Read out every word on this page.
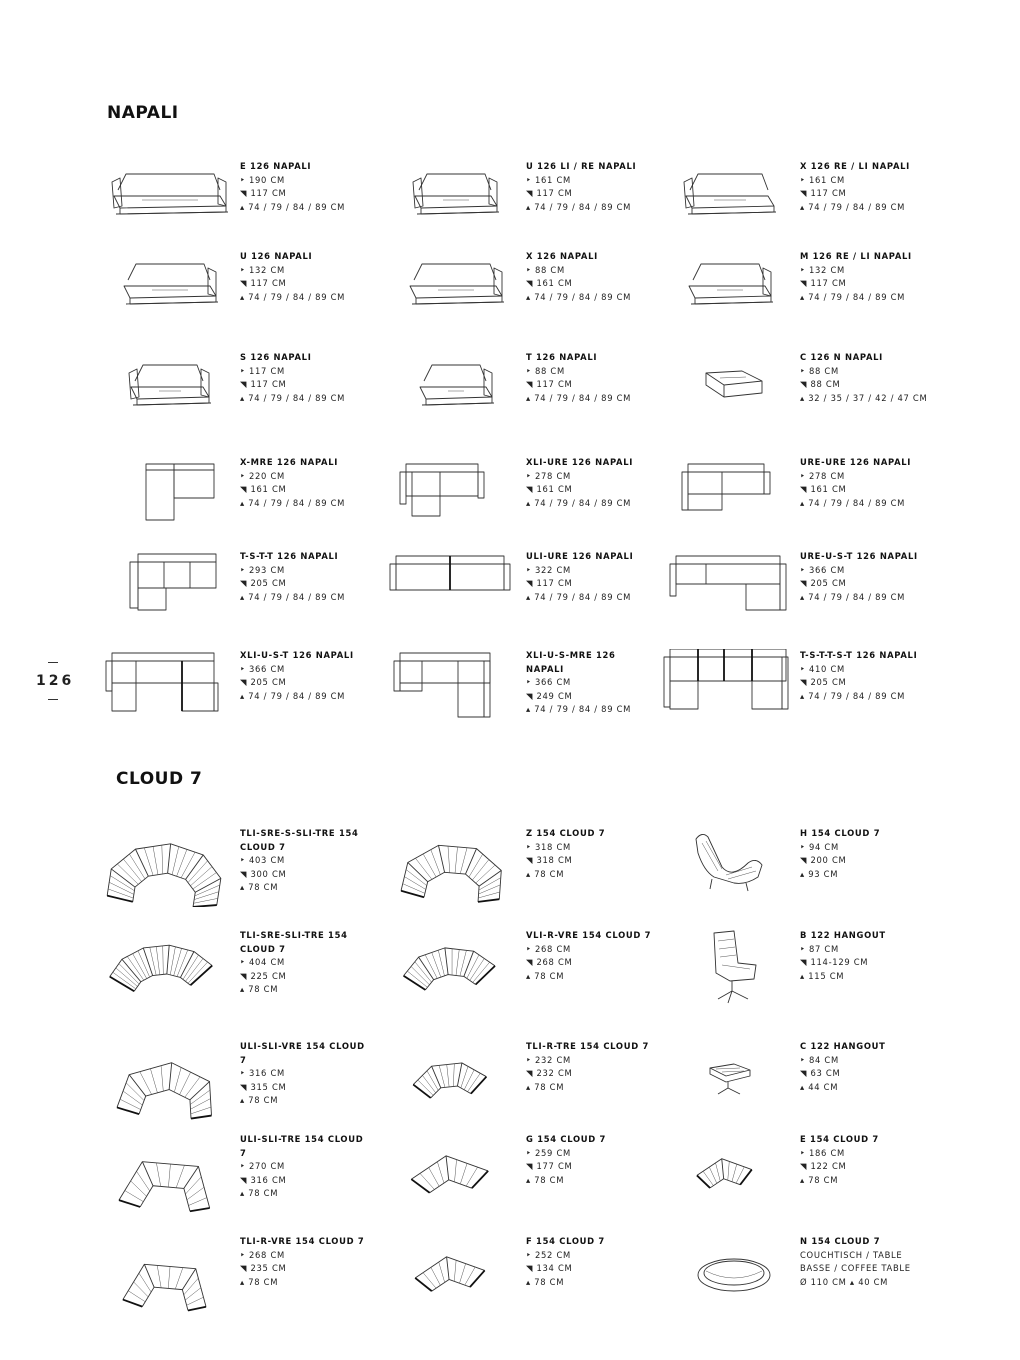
NAPALI
CLOUD 7
126
E 126 NAPALI
‣ 190 CM
◥ 117 CM
▴ 74 / 79 / 84 / 89 CM
U 126 LI / RE NAPALI
‣ 161 CM
◥ 117 CM
▴ 74 / 79 / 84 / 89 CM
X 126 RE / LI NAPALI
‣ 161 CM
◥ 117 CM
▴ 74 / 79 / 84 / 89 CM
U 126 NAPALI
‣ 132 CM
◥ 117 CM
▴ 74 / 79 / 84 / 89 CM
X 126 NAPALI
‣ 88 CM
◥ 161 CM
▴ 74 / 79 / 84 / 89 CM
M 126 RE / LI NAPALI
‣ 132 CM
◥ 117 CM
▴ 74 / 79 / 84 / 89 CM
S 126 NAPALI
‣ 117 CM
◥ 117 CM
▴ 74 / 79 / 84 / 89 CM
T 126 NAPALI
‣ 88 CM
◥ 117 CM
▴ 74 / 79 / 84 / 89 CM
C 126 N NAPALI
‣ 88 CM
◥ 88 CM
▴ 32 / 35 / 37 / 42 / 47 CM
X-MRE 126 NAPALI
‣ 220 CM
◥ 161 CM
▴ 74 / 79 / 84 / 89 CM
XLI-URE 126 NAPALI
‣ 278 CM
◥ 161 CM
▴ 74 / 79 / 84 / 89 CM
URE-URE 126 NAPALI
‣ 278 CM
◥ 161 CM
▴ 74 / 79 / 84 / 89 CM
T-S-T-T 126 NAPALI
‣ 293 CM
◥ 205 CM
▴ 74 / 79 / 84 / 89 CM
ULI-URE 126 NAPALI
‣ 322 CM
◥ 117 CM
▴ 74 / 79 / 84 / 89 CM
URE-U-S-T 126 NAPALI
‣ 366 CM
◥ 205 CM
▴ 74 / 79 / 84 / 89 CM
XLI-U-S-T 126 NAPALI
‣ 366 CM
◥ 205 CM
▴ 74 / 79 / 84 / 89 CM
XLI-U-S-MRE 126 NAPALI
‣ 366 CM
◥ 249 CM
▴ 74 / 79 / 84 / 89 CM
T-S-T-T-S-T 126 NAPALI
‣ 410 CM
◥ 205 CM
▴ 74 / 79 / 84 / 89 CM
TLI-SRE-S-SLI-TRE 154 CLOUD 7
‣ 403 CM
◥ 300 CM
▴ 78 CM
Z 154 CLOUD 7
‣ 318 CM
◥ 318 CM
▴ 78 CM
H 154 CLOUD 7
‣ 94 CM
◥ 200 CM
▴ 93 CM
TLI-SRE-SLI-TRE 154 CLOUD 7
‣ 404 CM
◥ 225 CM
▴ 78 CM
VLI-R-VRE 154 CLOUD 7
‣ 268 CM
◥ 268 CM
▴ 78 CM
B 122 HANGOUT
‣ 87 CM
◥ 114-129 CM
▴ 115 CM
ULI-SLI-VRE 154 CLOUD 7
‣ 316 CM
◥ 315 CM
▴ 78 CM
TLI-R-TRE 154 CLOUD 7
‣ 232 CM
◥ 232 CM
▴ 78 CM
C 122 HANGOUT
‣ 84 CM
◥ 63 CM
▴ 44 CM
ULI-SLI-TRE 154 CLOUD 7
‣ 270 CM
◥ 316 CM
▴ 78 CM
G 154 CLOUD 7
‣ 259 CM
◥ 177 CM
▴ 78 CM
E 154 CLOUD 7
‣ 186 CM
◥ 122 CM
▴ 78 CM
TLI-R-VRE 154 CLOUD 7
‣ 268 CM
◥ 235 CM
▴ 78 CM
F 154 CLOUD 7
‣ 252 CM
◥ 134 CM
▴ 78 CM
N 154 CLOUD 7
COUCHTISCH / TABLE
BASSE / COFFEE TABLE
Ø 110 CM ▴ 40 CM
